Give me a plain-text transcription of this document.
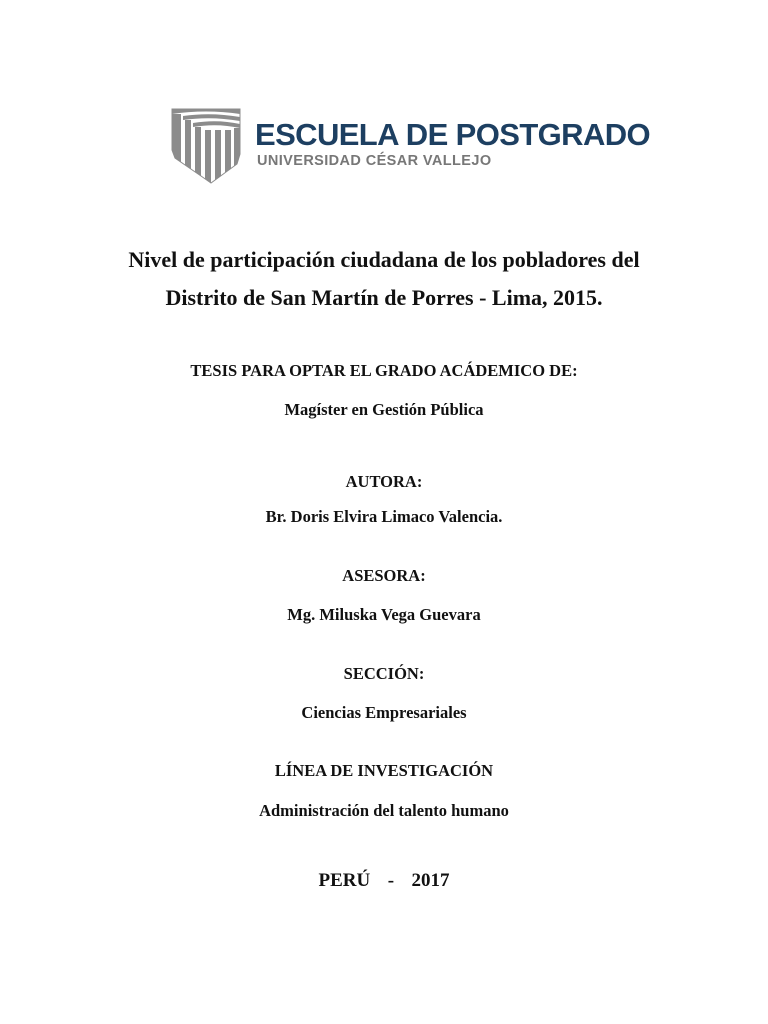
ESCUELA DE POSTGRADO
UNIVERSIDAD CÉSAR VALLEJO
Nivel de participación ciudadana de los pobladores del
Distrito de San Martín de Porres - Lima, 2015.
TESIS PARA OPTAR EL GRADO ACÁDEMICO DE:
Magíster en Gestión Pública
AUTORA:
Br. Doris Elvira Limaco Valencia.
ASESORA:
Mg. Miluska Vega Guevara
SECCIÓN:
Ciencias Empresariales
LÍNEA DE INVESTIGACIÓN
Administración del talento humano
PERÚ  -  2017
